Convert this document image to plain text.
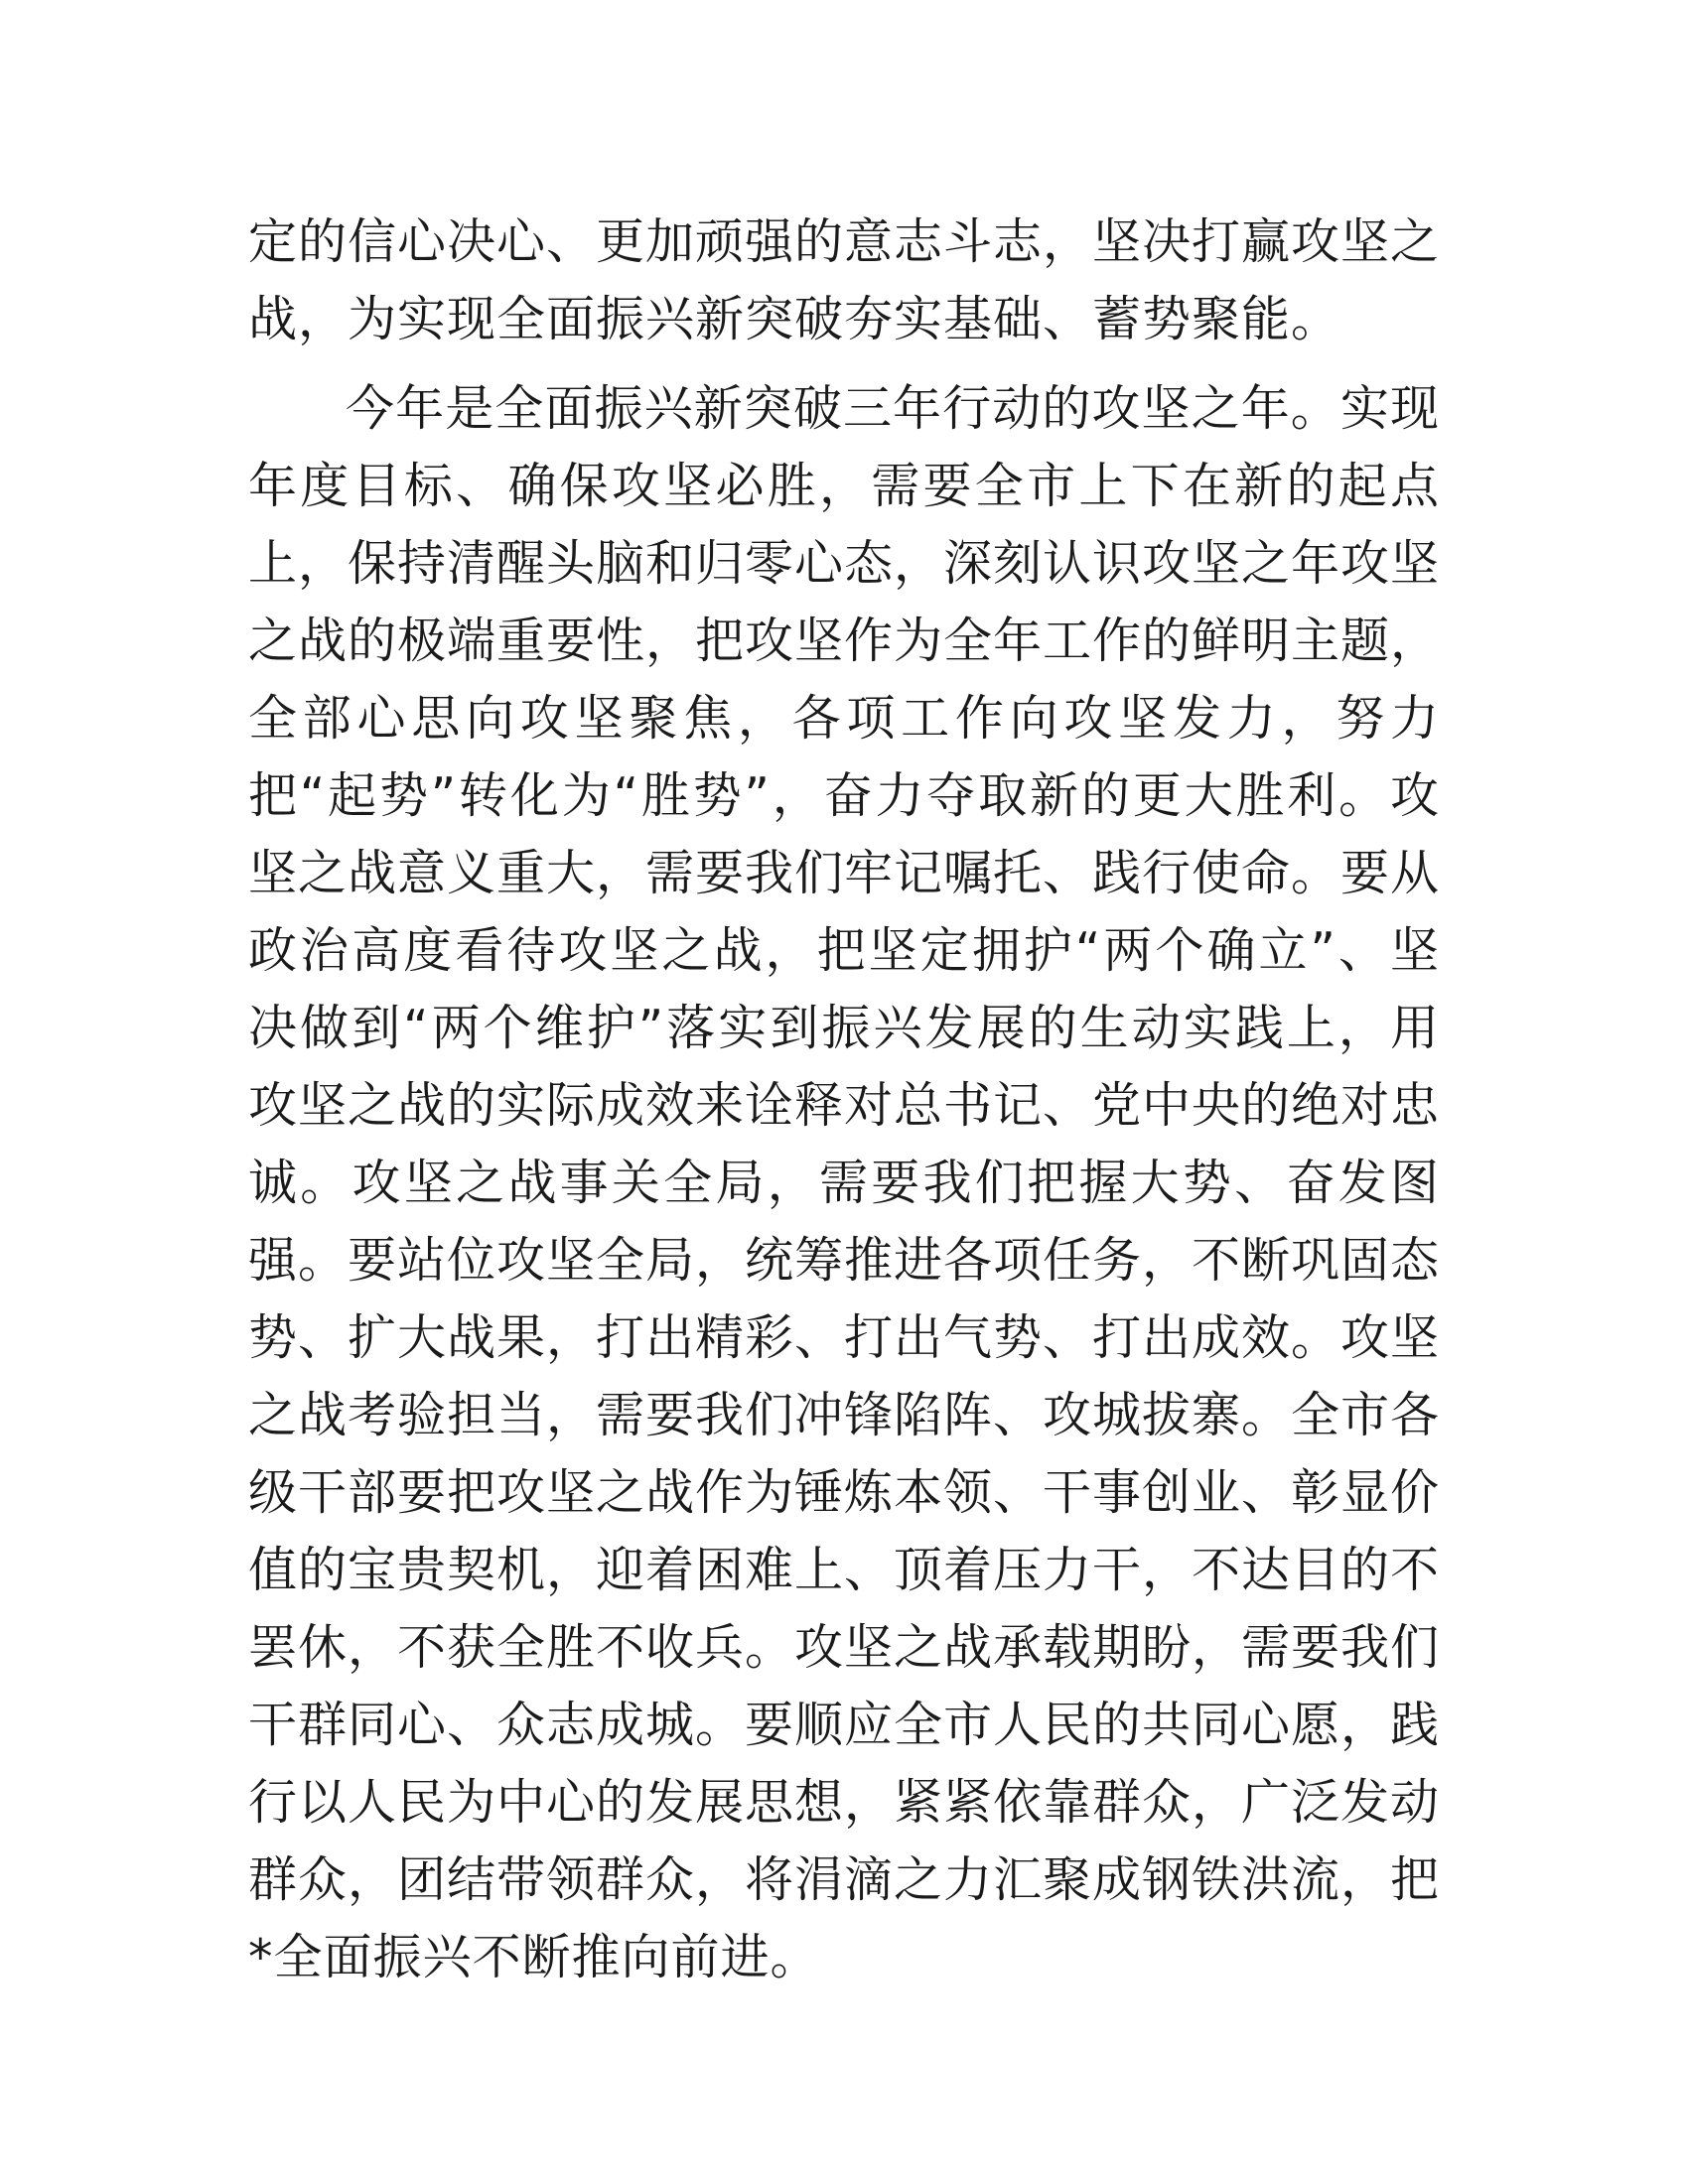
定的信心决心、更加顽强的意志斗志，坚决打赢攻坚之战，为实现全面振兴新突破夯实基础、蓄势聚能。

今年是全面振兴新突破三年行动的攻坚之年。实现年度目标、确保攻坚必胜，需要全市上下在新的起点上，保持清醒头脑和归零心态，深刻认识攻坚之年攻坚之战的极端重要性，把攻坚作为全年工作的鲜明主题，全部心思向攻坚聚焦，各项工作向攻坚发力，努力把“起势”转化为“胜势”，奋力夺取新的更大胜利。攻坚之战意义重大，需要我们牢记嘱托、践行使命。要从政治高度看待攻坚之战，把坚定拥护“两个确立”、坚决做到“两个维护”落实到振兴发展的生动实践上，用攻坚之战的实际成效来诠释对总书记、党中央的绝对忠诚。攻坚之战事关全局，需要我们把握大势、奋发图强。要站位攻坚全局，统筹推进各项任务，不断巩固态势、扩大战果，打出精彩、打出气势、打出成效。攻坚之战考验担当，需要我们冲锋陷阵、攻城拔寨。全市各级干部要把攻坚之战作为锤炼本领、干事创业、彰显价值的宝贵契机，迎着困难上、顶着压力干，不达目的不罢休，不获全胜不收兵。攻坚之战承载期盼，需要我们干群同心、众志成城。要顺应全市人民的共同心愿，践行以人民为中心的发展思想，紧紧依靠群众，广泛发动群众，团结带领群众，将涓滴之力汇聚成钢铁洪流，把*全面振兴不断推向前进。
